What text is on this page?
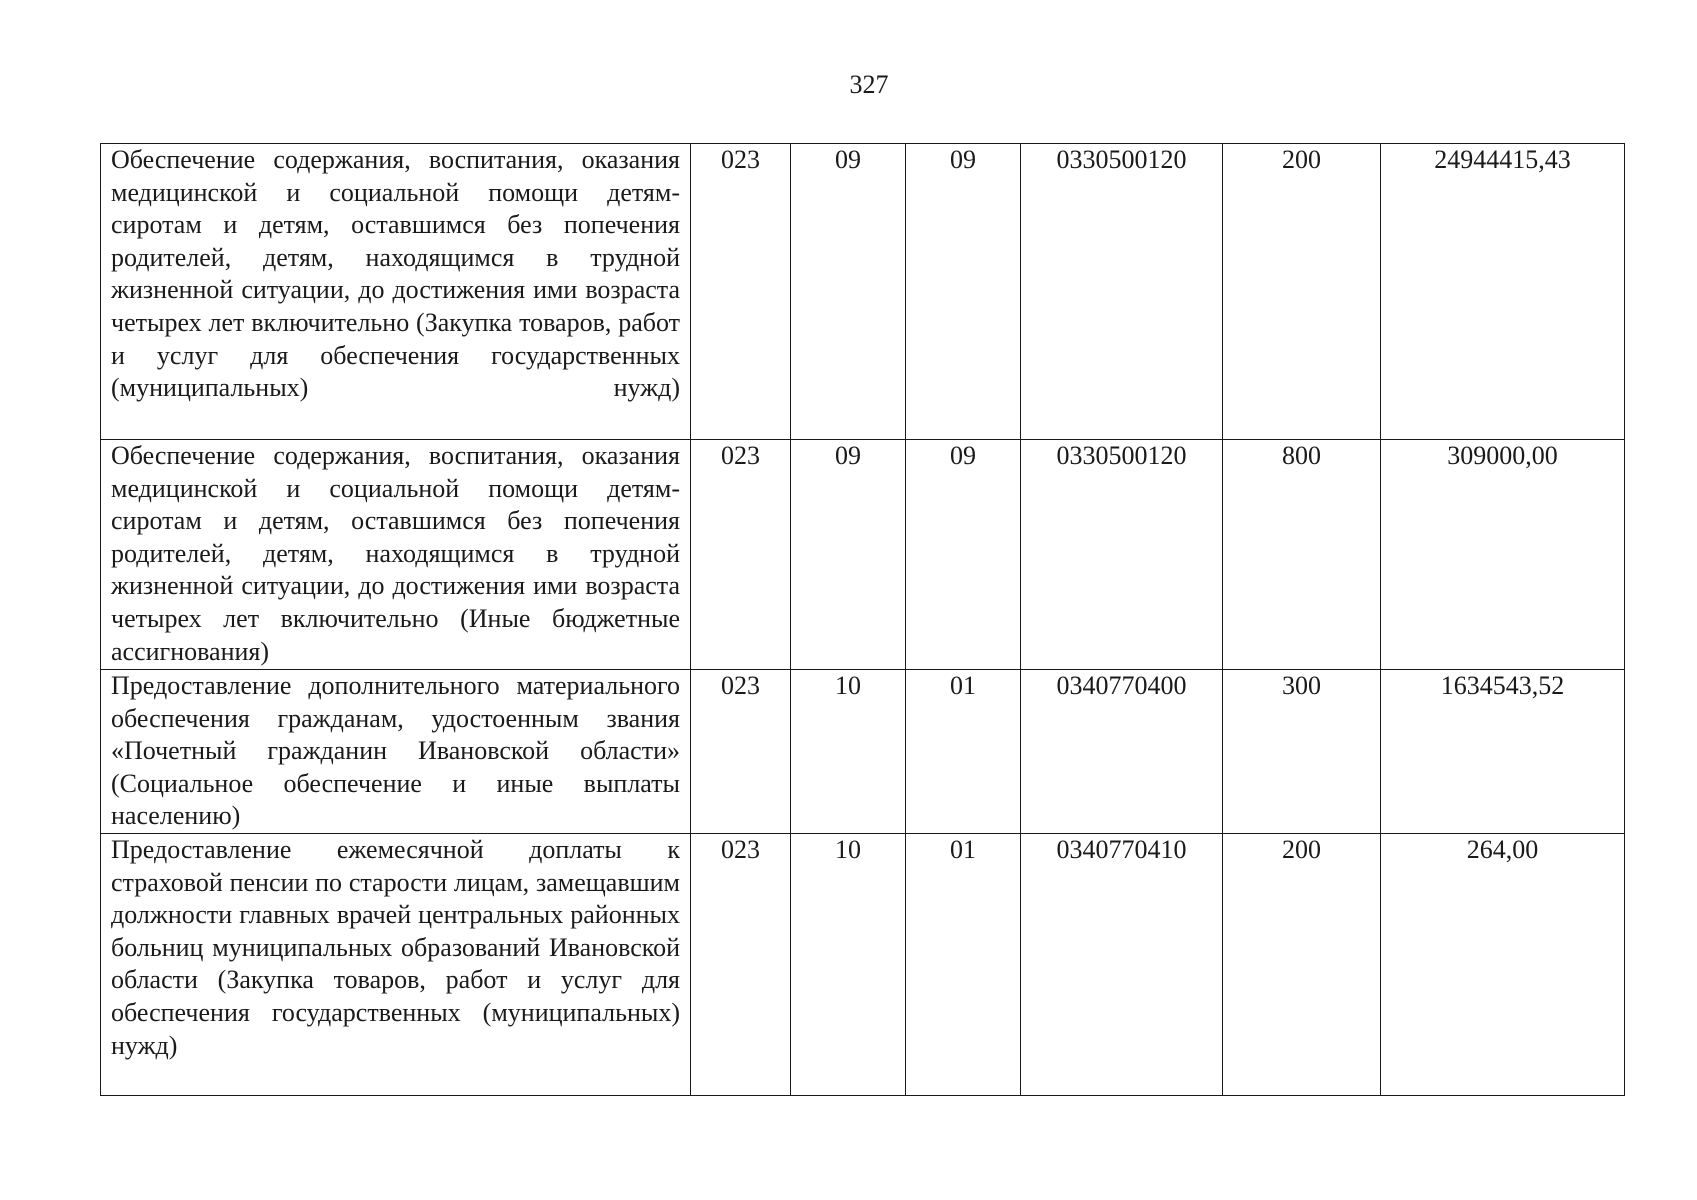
327
Обеспечение содержания, воспитания, оказания медицинской и социальной помощи детям-сиротам и детям, оставшимся без попечения родителей, детям, находящимся в трудной жизненной ситуации, до достижения ими возраста четырех лет включительно (Закупка товаров, работ и услуг для обеспечения государственных (муниципальных) нужд)	023	09	09	0330500120	200	24944415,43

Обеспечение содержания, воспитания, оказания медицинской и социальной помощи детям-сиротам и детям, оставшимся без попечения родителей, детям, находящимся в трудной жизненной ситуации, до достижения ими возраста четырех лет включительно (Иные бюджетные ассигнования)	023	09	09	0330500120	800	309000,00

Предоставление дополнительного материального обеспечения гражданам, удостоенным звания «Почетный гражданин Ивановской области» (Социальное обеспечение и иные выплаты населению)	023	10	01	0340770400	300	1634543,52

Предоставление ежемесячной доплаты к страховой пенсии по старости лицам, замещавшим должности главных врачей центральных районных больниц муниципальных образований Ивановской области (Закупка товаров, работ и услуг для обеспечения государственных (муниципальных) нужд)	023	10	01	0340770410	200	264,00
